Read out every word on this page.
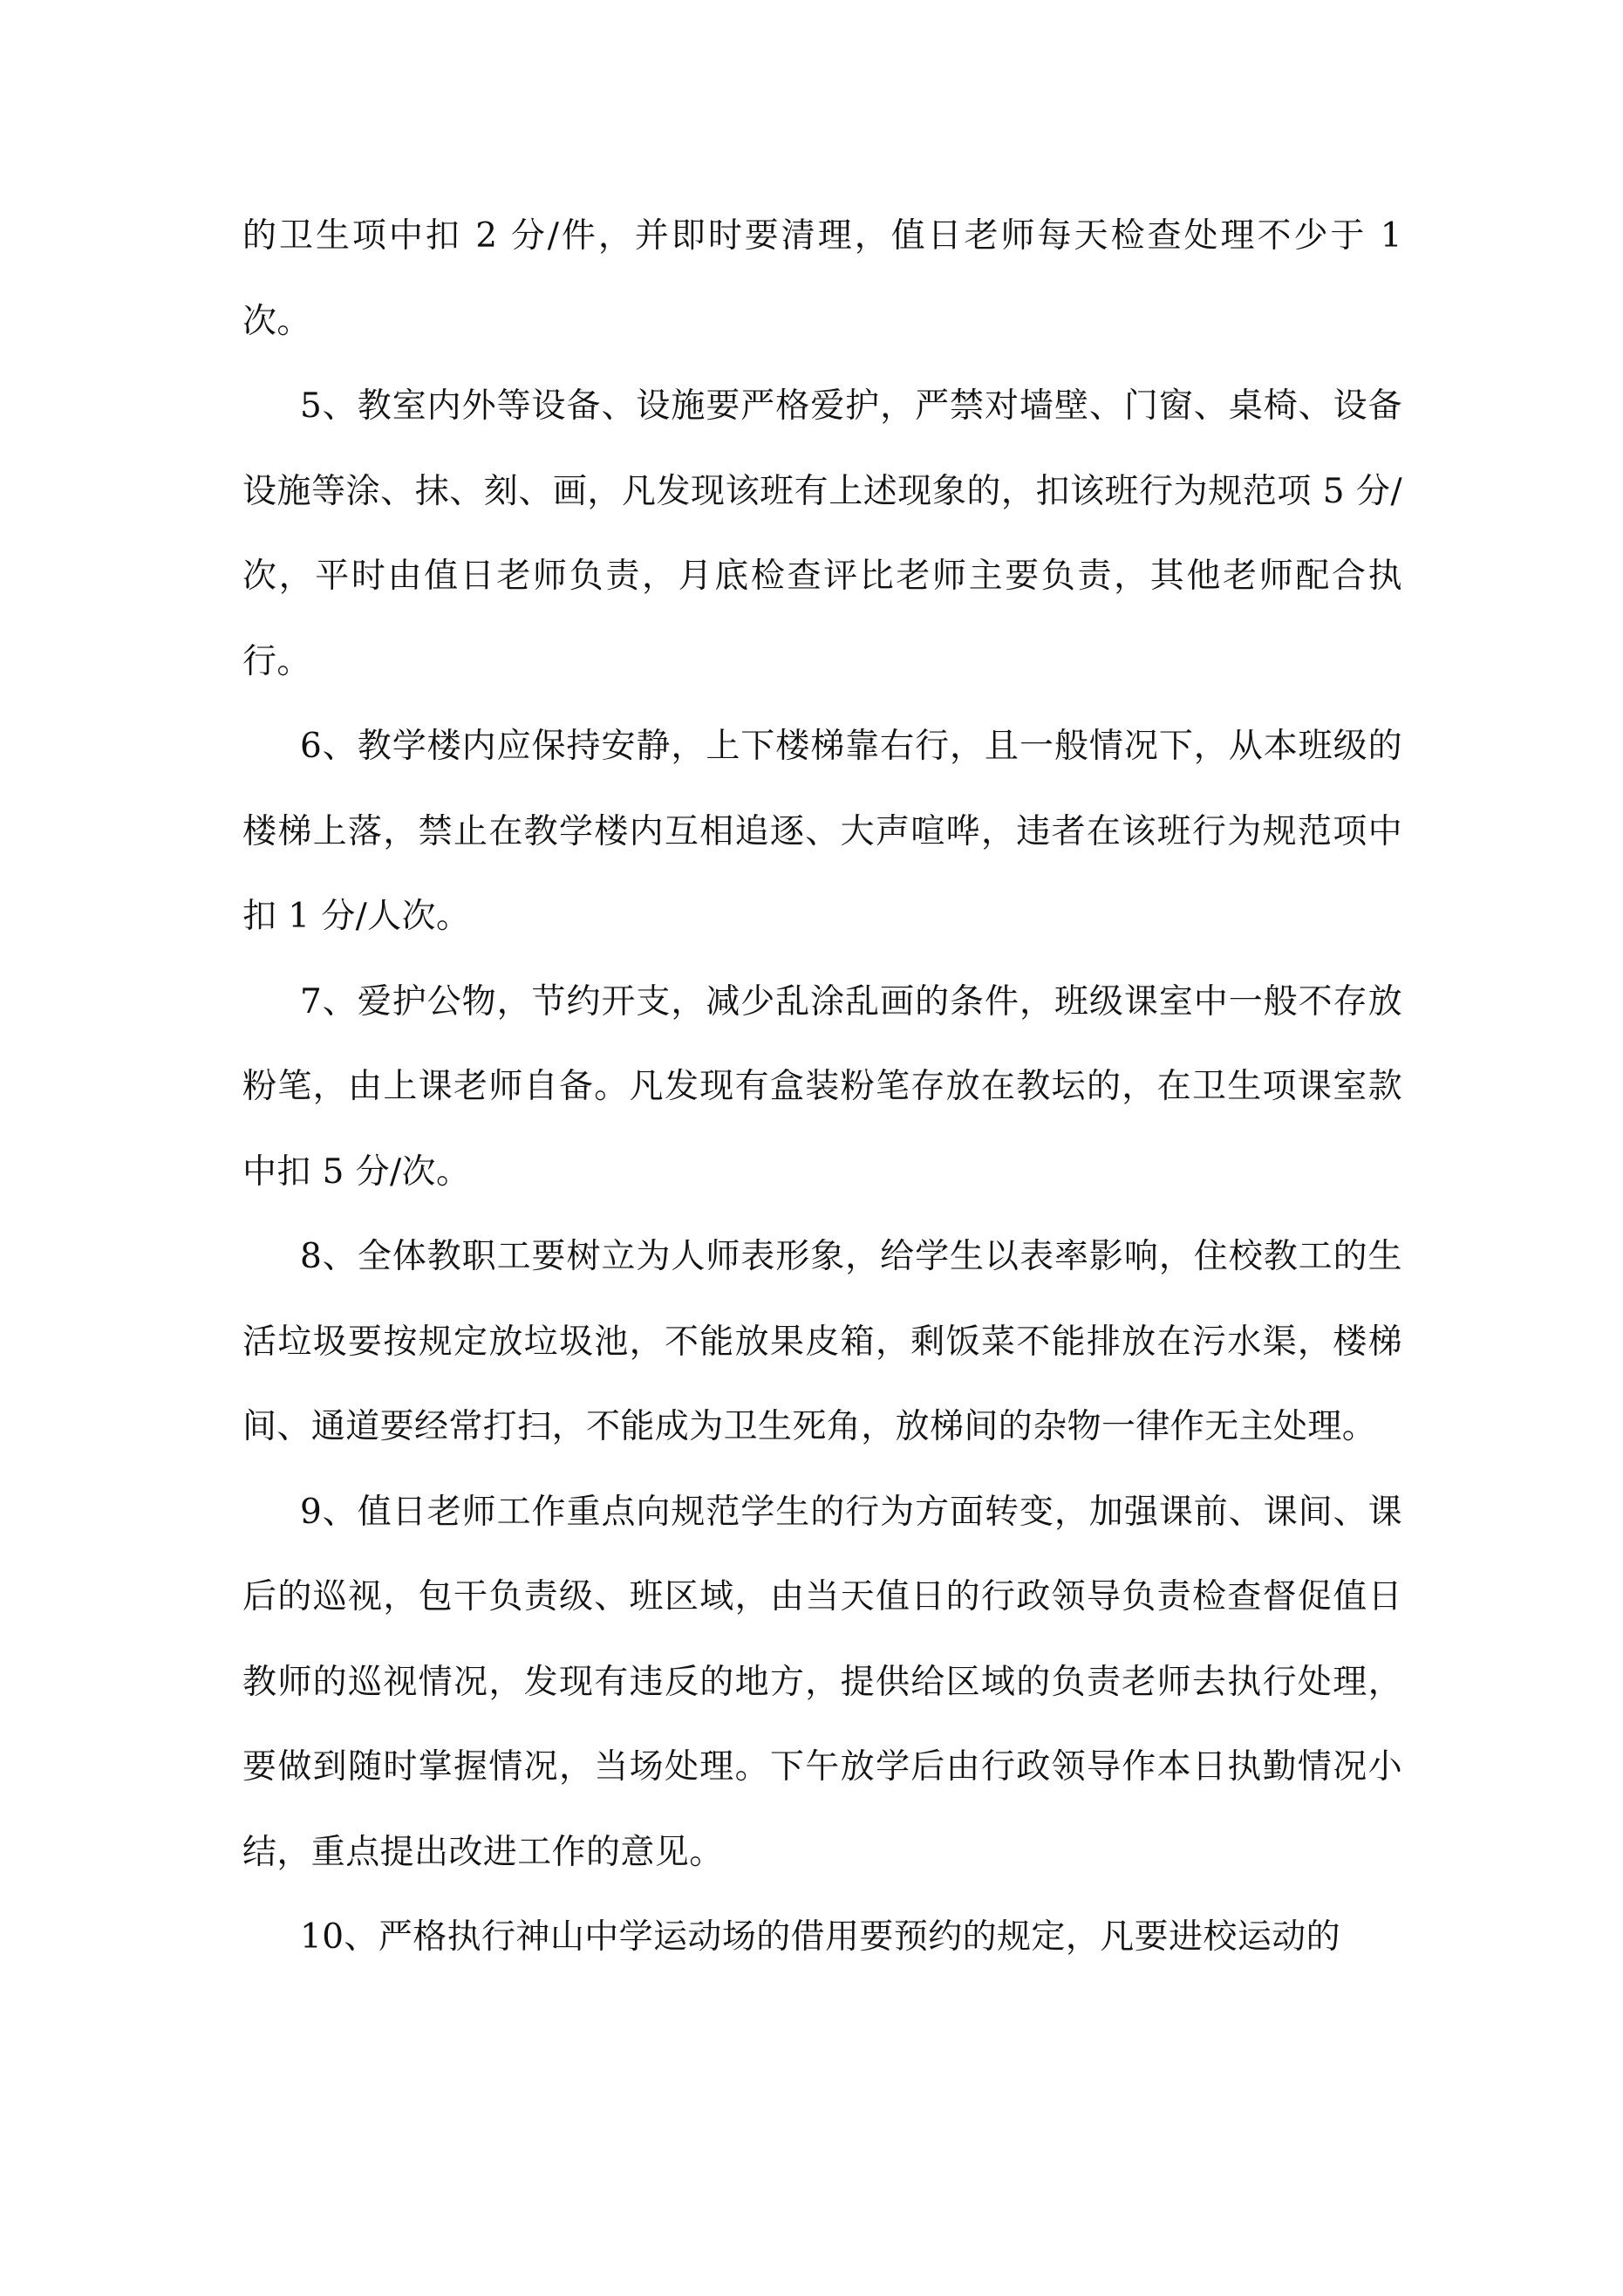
的卫生项中扣 2 分/件，并即时要清理，值日老师每天检查处理不少于 1 次。

5、教室内外等设备、设施要严格爱护，严禁对墙壁、门窗、桌椅、设备设施等涂、抹、刻、画，凡发现该班有上述现象的，扣该班行为规范项 5 分/次，平时由值日老师负责，月底检查评比老师主要负责，其他老师配合执行。

6、教学楼内应保持安静，上下楼梯靠右行，且一般情况下，从本班级的楼梯上落，禁止在教学楼内互相追逐、大声喧哗，违者在该班行为规范项中扣 1 分/人次。

7、爱护公物，节约开支，减少乱涂乱画的条件，班级课室中一般不存放粉笔，由上课老师自备。凡发现有盒装粉笔存放在教坛的，在卫生项课室款中扣 5 分/次。

8、全体教职工要树立为人师表形象，给学生以表率影响，住校教工的生活垃圾要按规定放垃圾池，不能放果皮箱，剩饭菜不能排放在污水渠，楼梯间、通道要经常打扫，不能成为卫生死角，放梯间的杂物一律作无主处理。

9、值日老师工作重点向规范学生的行为方面转变，加强课前、课间、课后的巡视，包干负责级、班区域，由当天值日的行政领导负责检查督促值日教师的巡视情况，发现有违反的地方，提供给区域的负责老师去执行处理，要做到随时掌握情况，当场处理。下午放学后由行政领导作本日执勤情况小结，重点提出改进工作的意见。

10、严格执行神山中学运动场的借用要预约的规定，凡要进校运动的
